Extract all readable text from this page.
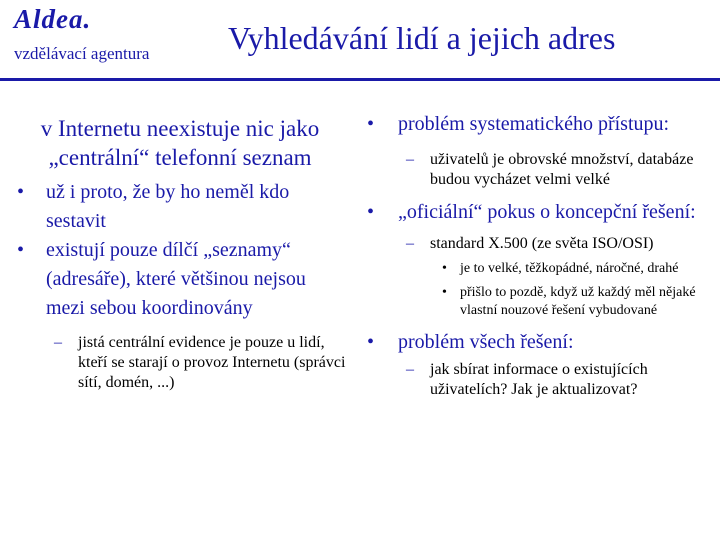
Aldea.
vzdělávací agentura Vyhledávání lidí a jejich adres

v Internetu neexistuje nic jako „centrální“ telefonní seznam

• už i proto, že by ho neměl kdo sestavit
• existují pouze dílčí „seznamy“ (adresáře), které většinou nejsou mezi sebou koordinovány
– jistá centrální evidence je pouze u lidí, kteří se starají o provoz Internetu (správci sítí, domén, ...)
• problém systematického přístupu:
– uživatelů je obrovské množství, databáze budou vycházet velmi velké
• „oficiální“ pokus o koncepční řešení:
– standard X.500 (ze světa ISO/OSI)
• je to velké, těžkopádné, náročné, drahé
• přišlo to pozdě, když už každý měl nějaké vlastní nouzové řešení vybudované
• problém všech řešení:
– jak sbírat informace o existujících uživatelích? Jak je aktualizovat?
